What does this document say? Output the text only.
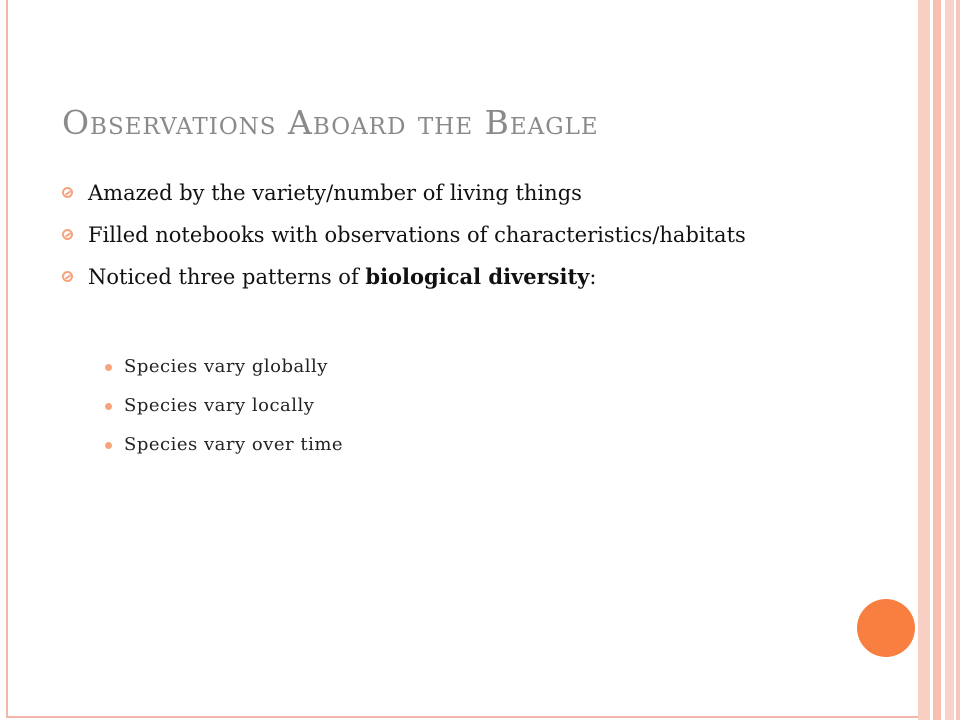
Observations Aboard the Beagle
Amazed by the variety/number of living things
Filled notebooks with observations of characteristics/habitats
Noticed three patterns of biological diversity:
Species vary globally
Species vary locally
Species vary over time
